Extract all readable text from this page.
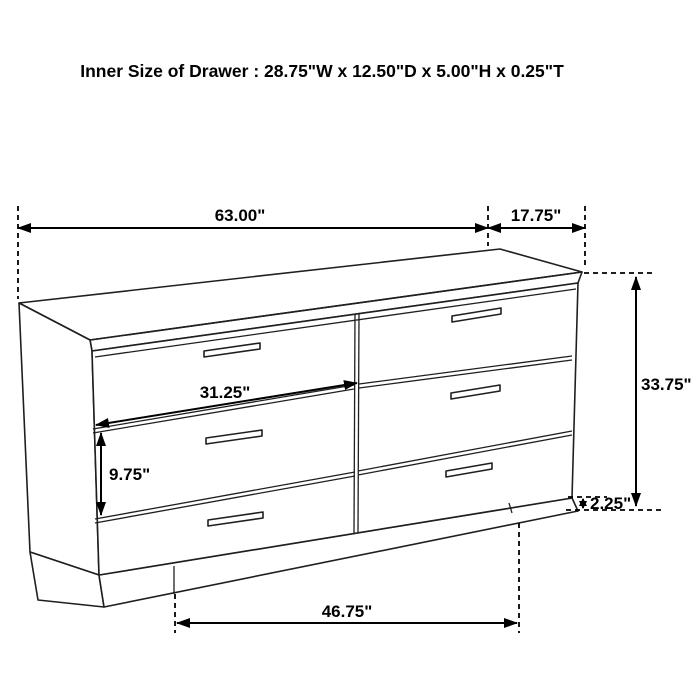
63.00"	17.75"
33.75"
31.25"
9.75"
2.25"
46.75"
Inner Size of Drawer : 28.75"W x 12.50"D x 5.00"H x 0.25"T
